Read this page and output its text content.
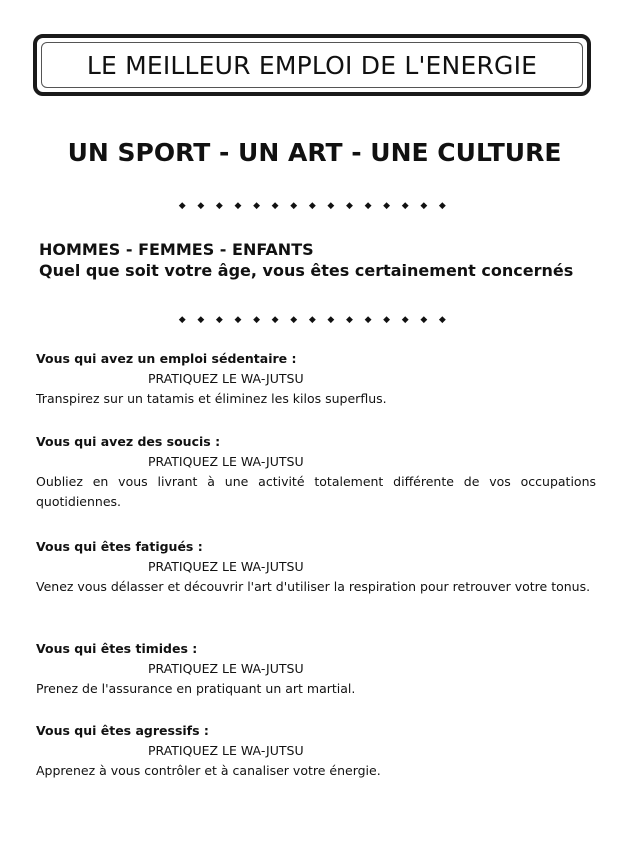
LE MEILLEUR EMPLOI DE L'ENERGIE
UN SPORT - UN ART - UNE CULTURE
◆ ◆ ◆ ◆ ◆ ◆ ◆ ◆ ◆ ◆ ◆ ◆ ◆ ◆ ◆
HOMMES - FEMMES - ENFANTS
Quel que soit votre âge, vous êtes certainement concernés
◆ ◆ ◆ ◆ ◆ ◆ ◆ ◆ ◆ ◆ ◆ ◆ ◆ ◆ ◆
Vous qui avez un emploi sédentaire :
PRATIQUEZ LE WA-JUTSU
Transpirez sur un tatamis et éliminez les kilos superflus.
Vous qui avez des soucis :
PRATIQUEZ LE WA-JUTSU
Oubliez en vous livrant à une activité totalement différente de vos occupations quotidiennes.
Vous qui êtes fatigués :
PRATIQUEZ LE WA-JUTSU
Venez vous délasser et découvrir l'art d'utiliser la respiration pour retrouver votre tonus.
Vous qui êtes timides :
PRATIQUEZ LE WA-JUTSU
Prenez de l'assurance en pratiquant un art martial.
Vous qui êtes agressifs :
PRATIQUEZ LE WA-JUTSU
Apprenez à vous contrôler et à canaliser votre énergie.
